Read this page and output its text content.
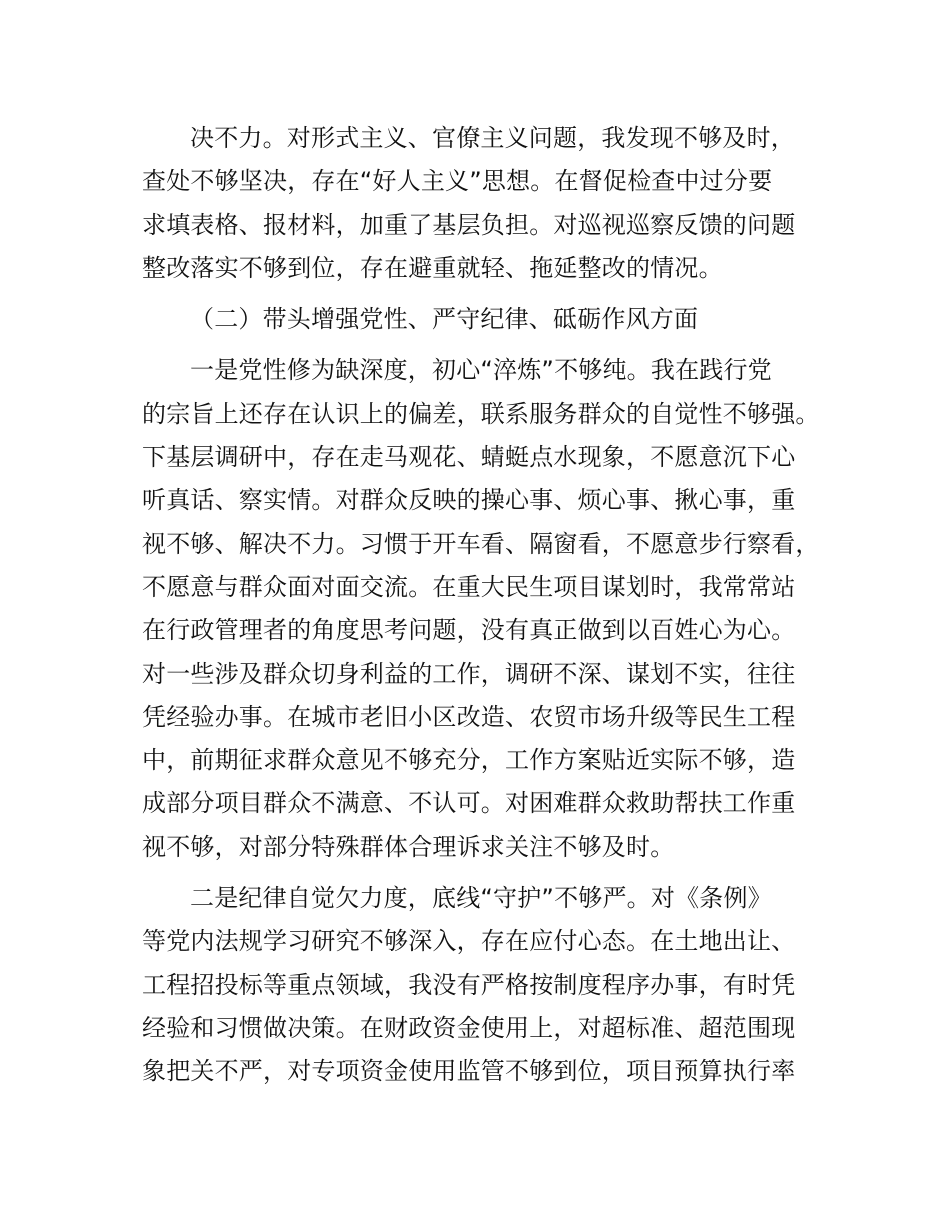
决不力。对形式主义、官僚主义问题，我发现不够及时，
查处不够坚决，存在“好人主义”思想。在督促检查中过分要
求填表格、报材料，加重了基层负担。对巡视巡察反馈的问题
整改落实不够到位，存在避重就轻、拖延整改的情况。

（二）带头增强党性、严守纪律、砥砺作风方面

一是党性修为缺深度，初心“淬炼”不够纯。我在践行党
的宗旨上还存在认识上的偏差，联系服务群众的自觉性不够强。
下基层调研中，存在走马观花、蜻蜓点水现象，不愿意沉下心
听真话、察实情。对群众反映的操心事、烦心事、揪心事，重
视不够、解决不力。习惯于开车看、隔窗看，不愿意步行察看，
不愿意与群众面对面交流。在重大民生项目谋划时，我常常站
在行政管理者的角度思考问题，没有真正做到以百姓心为心。
对一些涉及群众切身利益的工作，调研不深、谋划不实，往往
凭经验办事。在城市老旧小区改造、农贸市场升级等民生工程
中，前期征求群众意见不够充分，工作方案贴近实际不够，造
成部分项目群众不满意、不认可。对困难群众救助帮扶工作重
视不够，对部分特殊群体合理诉求关注不够及时。

二是纪律自觉欠力度，底线“守护”不够严。对《条例》
等党内法规学习研究不够深入，存在应付心态。在土地出让、
工程招投标等重点领域，我没有严格按制度程序办事，有时凭
经验和习惯做决策。在财政资金使用上，对超标准、超范围现
象把关不严，对专项资金使用监管不够到位，项目预算执行率
